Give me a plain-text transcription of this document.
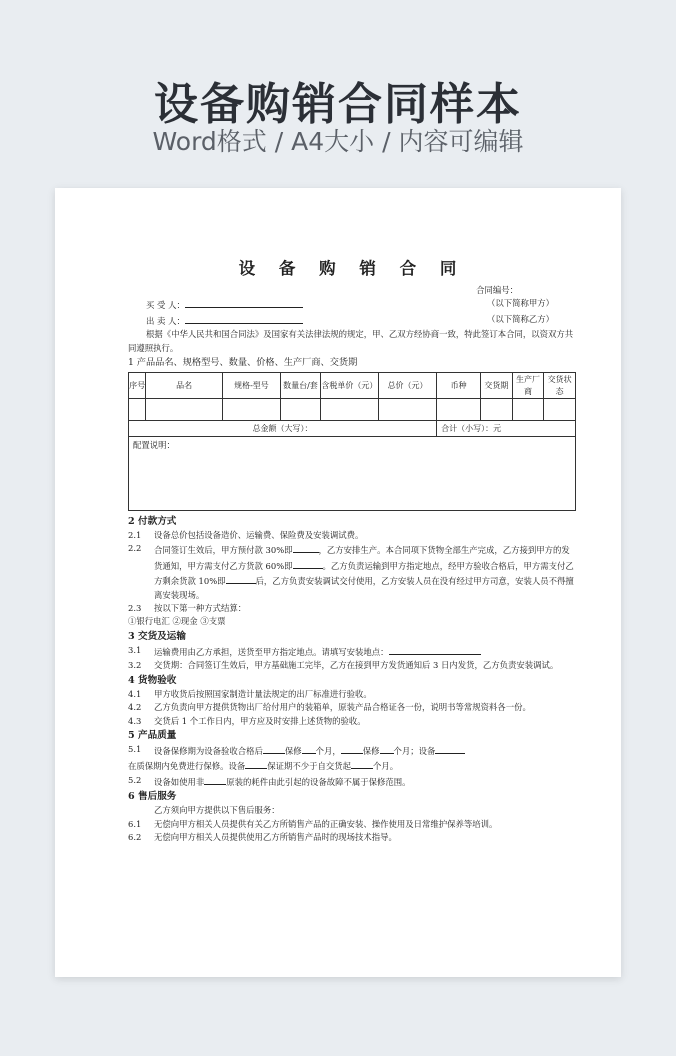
设备购销合同样本
Word格式 / A4大小 / 内容可编辑
设 备 购 销 合 同
合同编号：
买 受 人：	（以下简称甲方）
出 卖 人：	（以下简称乙方）
根据《中华人民共和国合同法》及国家有关法律法规的规定，甲、乙双方经协商一致，特此签订本合同，以资双方共同遵照执行。
1 产品品名、规格型号、数量、价格、生产厂商、交货期
序号	品名	规格-型号	数量台/套	含税单价（元）	总价（元）	币种	交货期	生产厂商	交货状态

总金额（大写）：						合计（小写）：元			
配置说明：
2 付款方式
2.1	设备总价包括设备造价、运输费、保险费及安装调试费。
2.2	合同签订生效后，甲方预付款 30%即	，乙方安排生产。本合同项下货物全部生产完成，乙方接到甲方的发货通知，甲方需支付乙方货款 60%即	。乙方负责运输到甲方指定地点，经甲方验收合格后，甲方需支付乙方剩余货款 10%即	后，乙方负责安装调试交付使用，乙方安装人员在没有经过甲方司意，安装人员不得擅离安装现场。
2.3	按以下第一种方式结算：
①银行电汇 ②现金 ③支票
3 交货及运输
3.1	运输费用由乙方承担，送货至甲方指定地点。请填写安装地点：
3.2	交货期：合同签订生效后，甲方基础施工完毕，乙方在接到甲方发货通知后 3 日内发货，乙方负责安装调试。
4 货物验收
4.1	甲方收货后按照国家制造计量法规定的出厂标准进行验收。
4.2	乙方负责向甲方提供货物出厂给付用户的装箱单，原装产品合格证各一份，说明书等常规资料各一份。
4.3	交货后 1 个工作日内，甲方应及时安排上述货物的验收。
5 产品质量
5.1	设备保修期为设备验收合格后	保修 个月，	保修 个月；设备
在质保期内免费进行保修。设备	保证期不少于自交货起	个月。
5.2	设备如使用非	原装的耗件由此引起的设备故障不属于保修范围。
6 售后服务
乙方须向甲方提供以下售后服务：
6.1	无偿向甲方相关人员提供有关乙方所销售产品的正确安装、操作使用及日常维护保养等培训。
6.2	无偿向甲方相关人员提供使用乙方所销售产品时的现场技术指导。
